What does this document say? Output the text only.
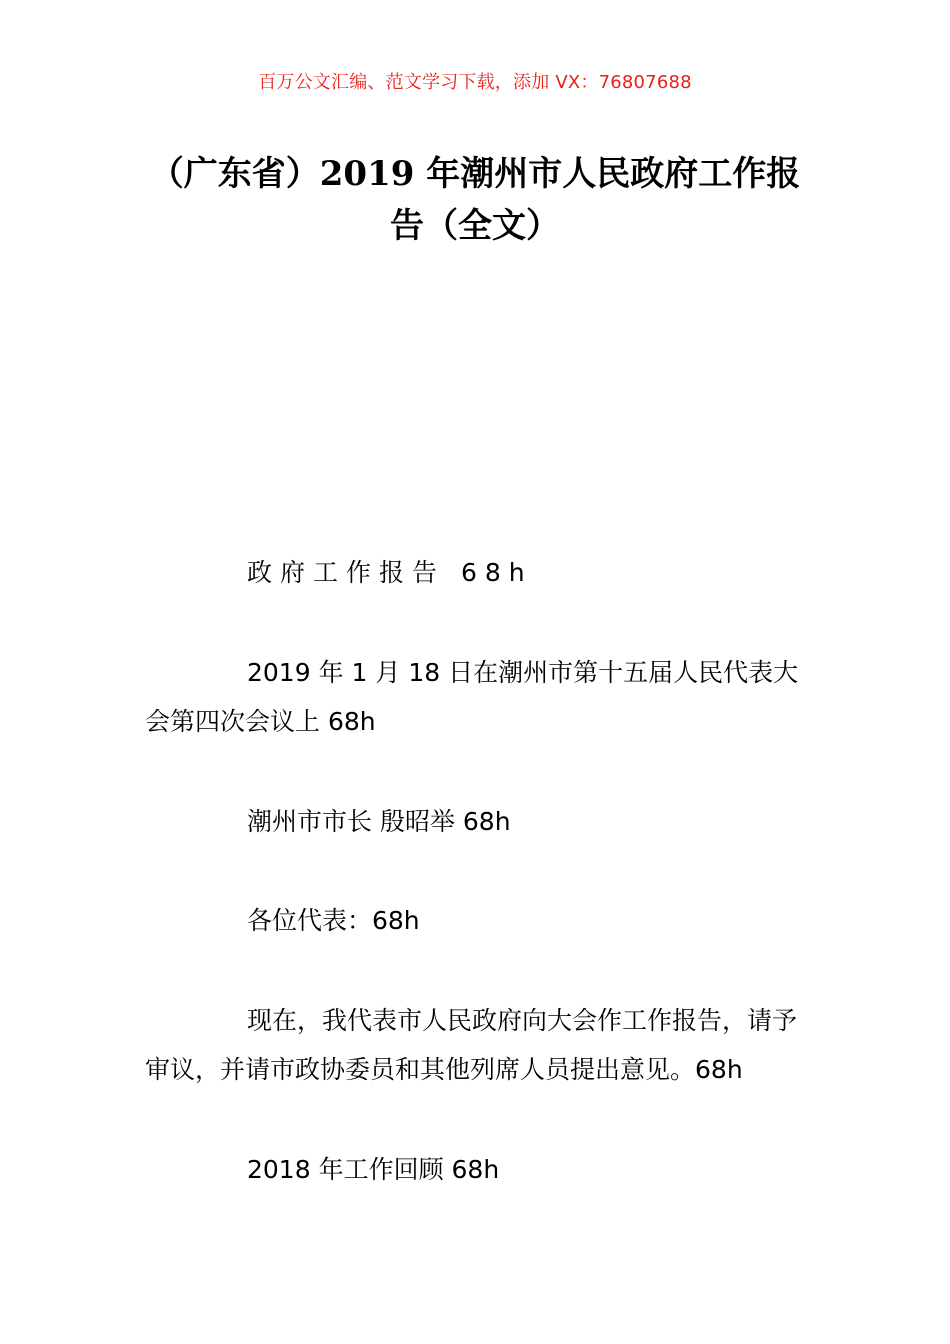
百万公文汇编、范文学习下载，添加 VX：76807688
（广东省）2019 年潮州市人民政府工作报告（全文）
政府工作报告 68h
2019 年 1 月 18 日在潮州市第十五届人民代表大会第四次会议上 68h
潮州市市长 殷昭举 68h
各位代表：68h
现在，我代表市人民政府向大会作工作报告，请予审议，并请市政协委员和其他列席人员提出意见。68h
2018 年工作回顾 68h
